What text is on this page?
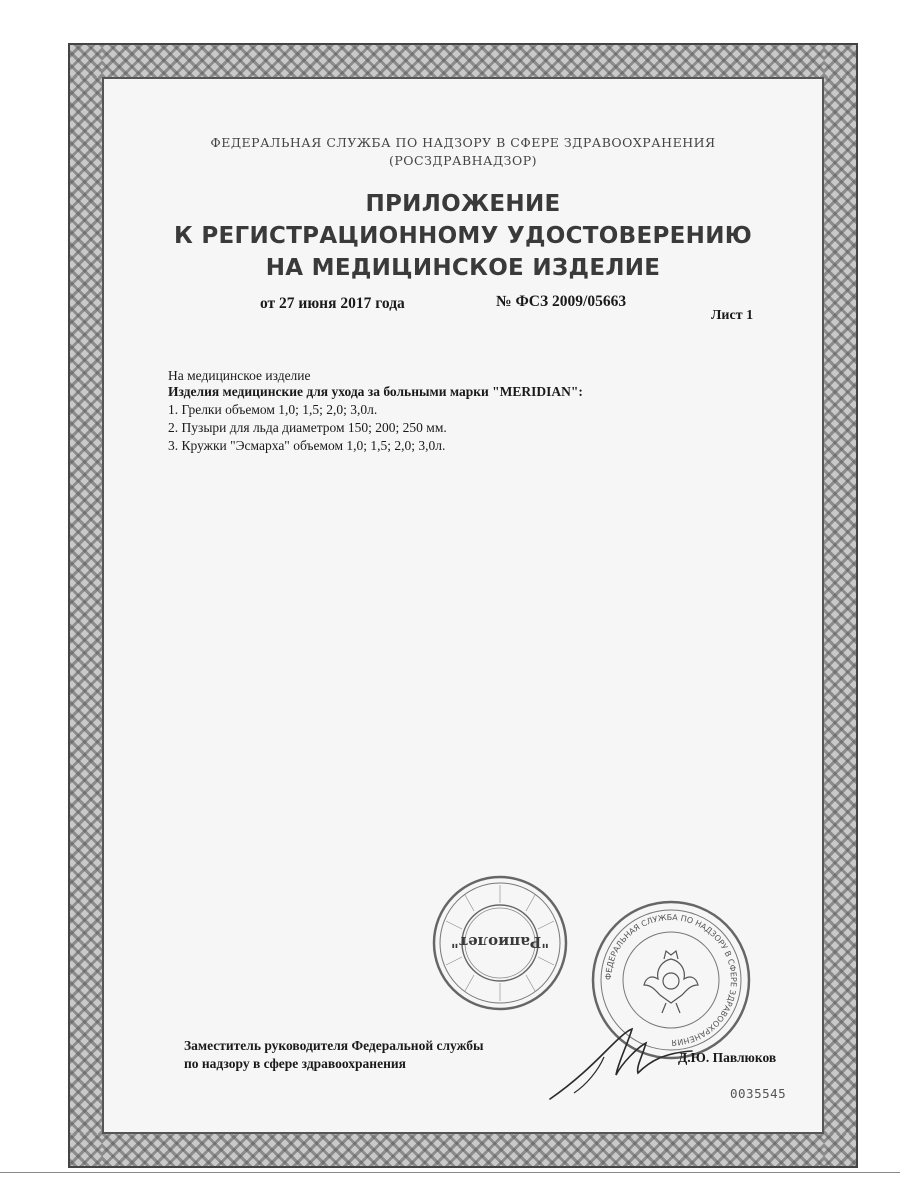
ФЕДЕРАЛЬНАЯ СЛУЖБА ПО НАДЗОРУ В СФЕРЕ ЗДРАВООХРАНЕНИЯ
(РОСЗДРАВНАДЗОР)
ПРИЛОЖЕНИЕ
К РЕГИСТРАЦИОННОМУ УДОСТОВЕРЕНИЮ
НА МЕДИЦИНСКОЕ ИЗДЕЛИЕ
от 27 июня 2017 года	№ ФСЗ 2009/05663
Лист 1
На медицинское изделие
Изделия медицинские для ухода за больными марки "MERIDIAN":
1. Грелки объемом 1,0; 1,5; 2,0; 3,0л.
2. Пузыри для льда диаметром 150; 200; 250 мм.
3. Кружки "Эсмарха" объемом 1,0; 1,5; 2,0; 3,0л.
"Рапиолет"
ФЕДЕРАЛЬНАЯ СЛУЖБА ПО НАДЗОРУ В СФЕРЕ ЗДРАВООХРАНЕНИЯ
Заместитель руководителя Федеральной службы
по надзору в сфере здравоохранения	Д.Ю. Павлюков
0035545
